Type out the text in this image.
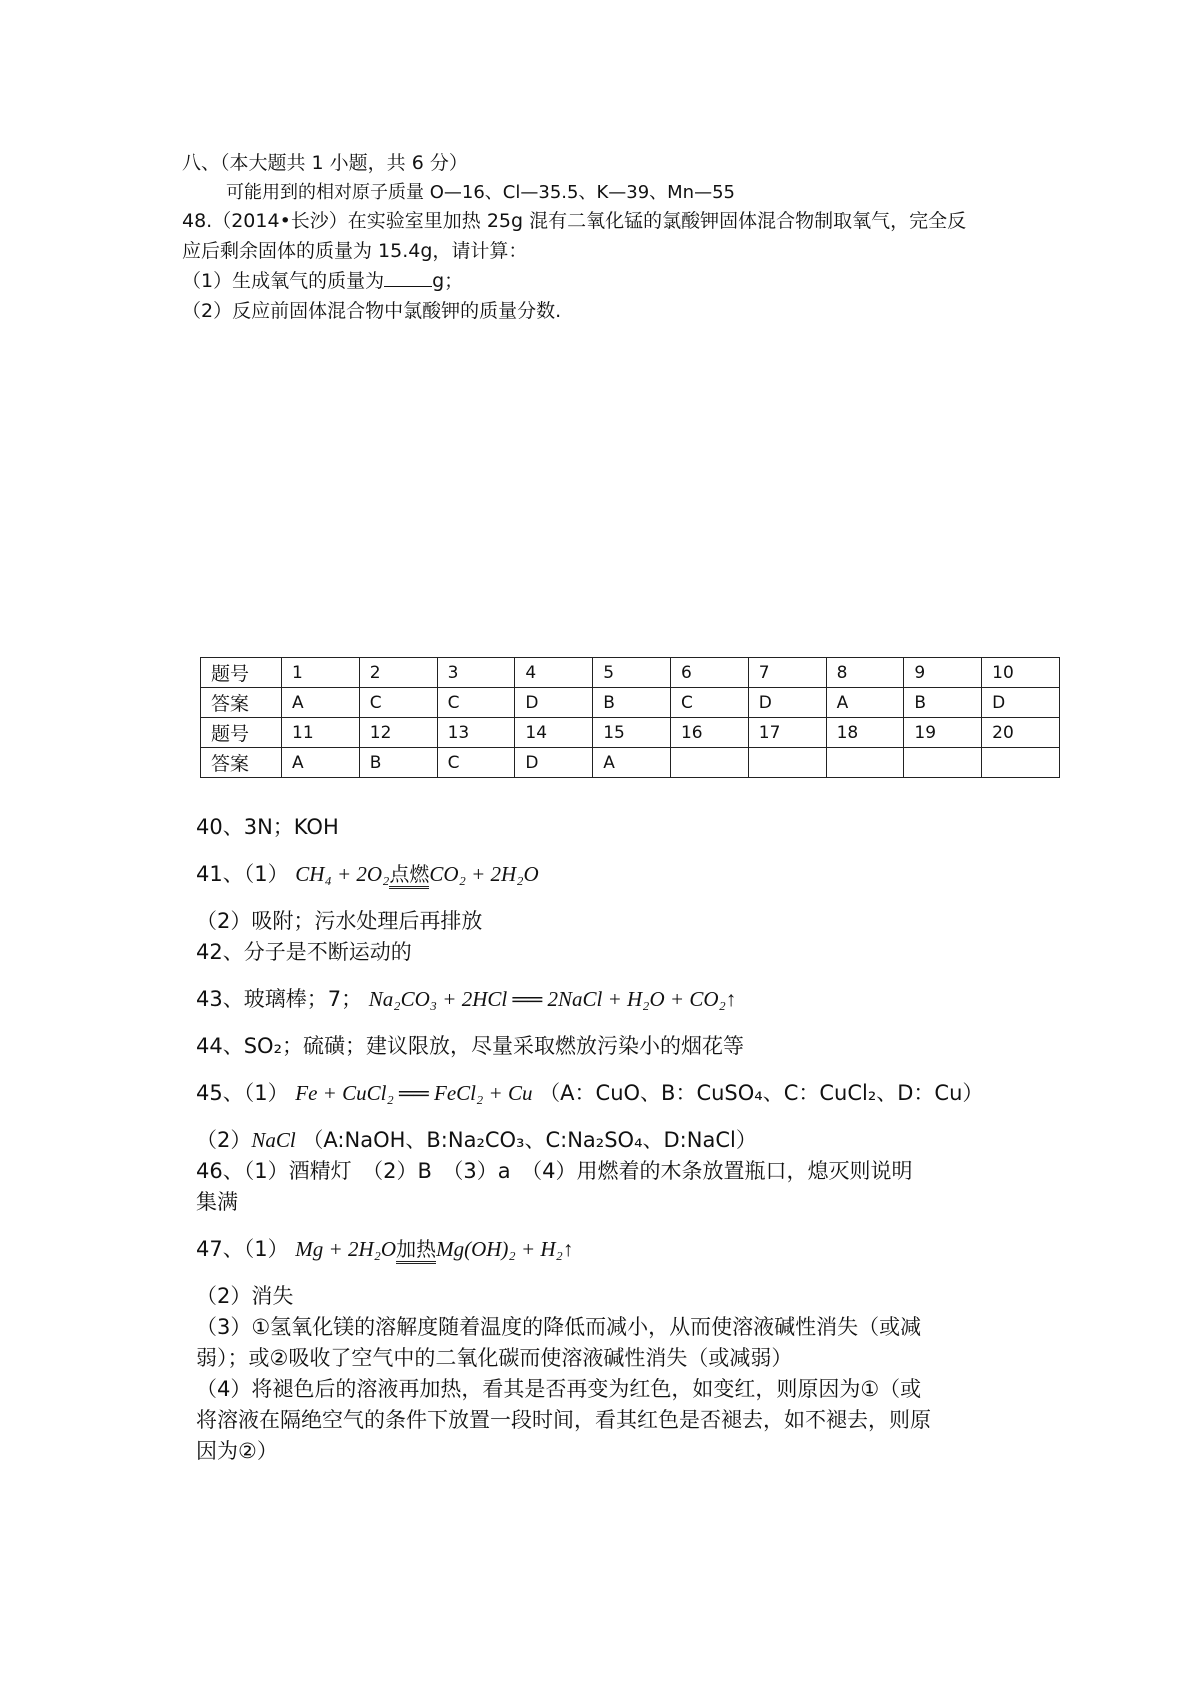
八、（本大题共 1 小题，共 6 分）
可能用到的相对原子质量 O—16、Cl—35.5、K—39、Mn—55

48.（2014•长沙）在实验室里加热 25g 混有二氧化锰的氯酸钾固体混合物制取氧气，完全反

应后剩余固体的质量为 15.4g，请计算：

（1）生成氧气的质量为	g；

（2）反应前固体混合物中氯酸钾的质量分数.

题号	1	2	3	4	5	6	7	8	9	10
答案	A	C	C	D	B	C	D	A	B	D
题号	11	12	13	14	15	16	17	18	19	20
答案	A	B	C	D	A					

40、3N；KOH

41、（1） CH₄ + 2O₂点燃CO₂ + 2H₂O

（2）吸附；污水处理后再排放

42、分子是不断运动的

43、玻璃棒；7； Na₂CO₃ + 2HCl ══ 2NaCl + H₂O + CO₂↑

44、SO₂；硫磺；建议限放，尽量采取燃放污染小的烟花等

45、（1） Fe + CuCl₂ ══ FeCl₂ + Cu （A：CuO、B：CuSO₄、C：CuCl₂、D：Cu）

（2）NaCl （A:NaOH、B:Na₂CO₃、C:Na₂SO₄、D:NaCl）

46、（1）酒精灯　（2）B　（3）a　（4）用燃着的木条放置瓶口，熄灭则说明

集满

47、（1） Mg + 2H₂O加热Mg(OH)₂ + H₂↑

（2）消失

（3）①氢氧化镁的溶解度随着温度的降低而减小，从而使溶液碱性消失（或减

弱）；或②吸收了空气中的二氧化碳而使溶液碱性消失（或减弱）

（4）将褪色后的溶液再加热，看其是否再变为红色，如变红，则原因为①（或

将溶液在隔绝空气的条件下放置一段时间，看其红色是否褪去，如不褪去，则原

因为②）
